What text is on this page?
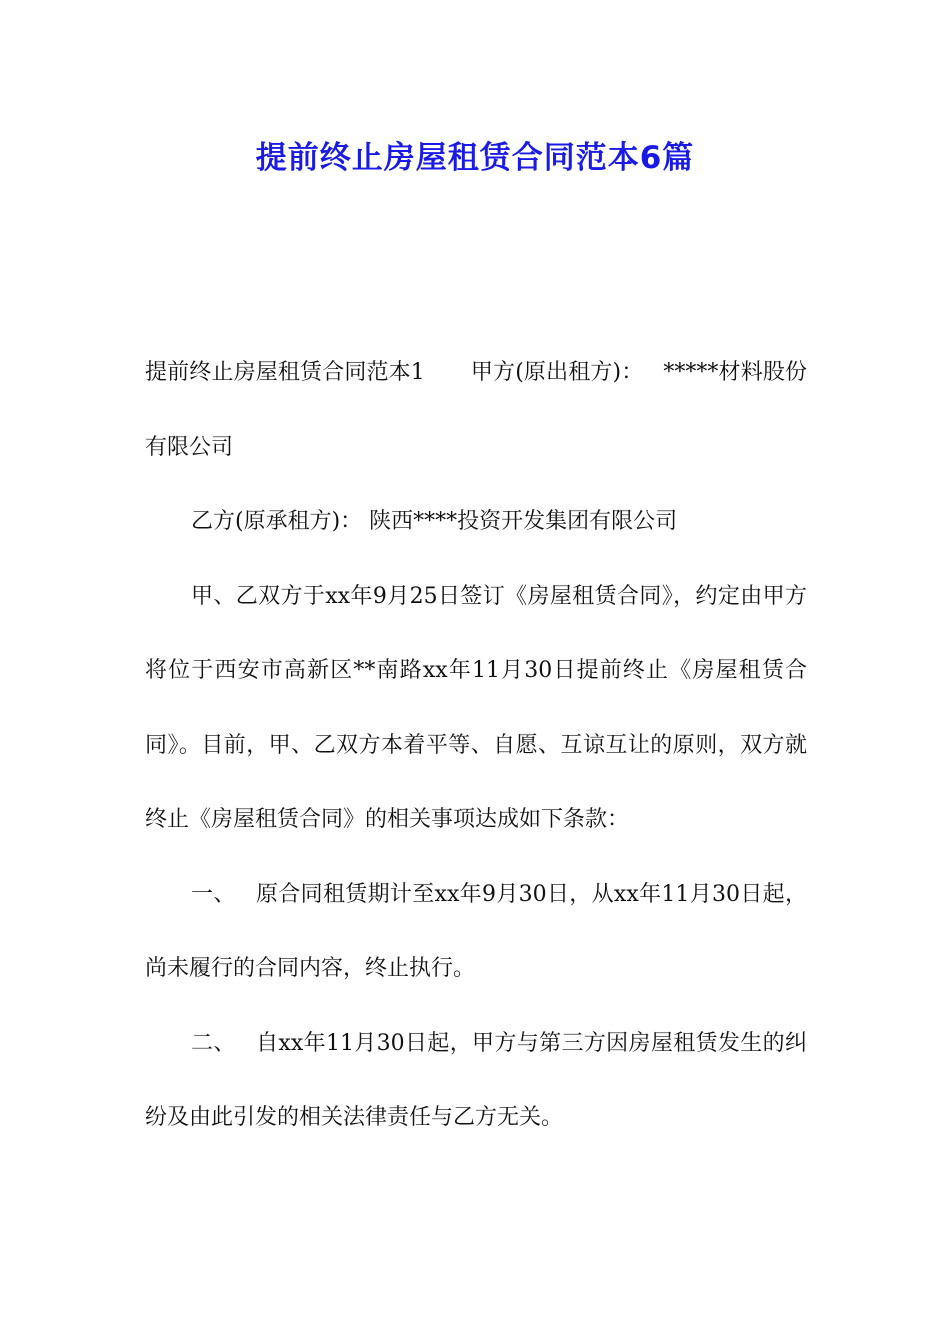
提前终止房屋租赁合同范本6篇

提前终止房屋租赁合同范本1 甲方(原出租方)： *****材料股份有限公司

乙方(原承租方)： 陕西****投资开发集团有限公司

甲、乙双方于xx年9月25日签订《房屋租赁合同》，约定由甲方将位于西安市高新区**南路xx年11月30日提前终止《房屋租赁合同》。目前，甲、乙双方本着平等、自愿、互谅互让的原则，双方就终止《房屋租赁合同》的相关事项达成如下条款：

一、 原合同租赁期计至xx年9月30日，从xx年11月30日起，尚未履行的合同内容，终止执行。

二、 自xx年11月30日起，甲方与第三方因房屋租赁发生的纠纷及由此引发的相关法律责任与乙方无关。
